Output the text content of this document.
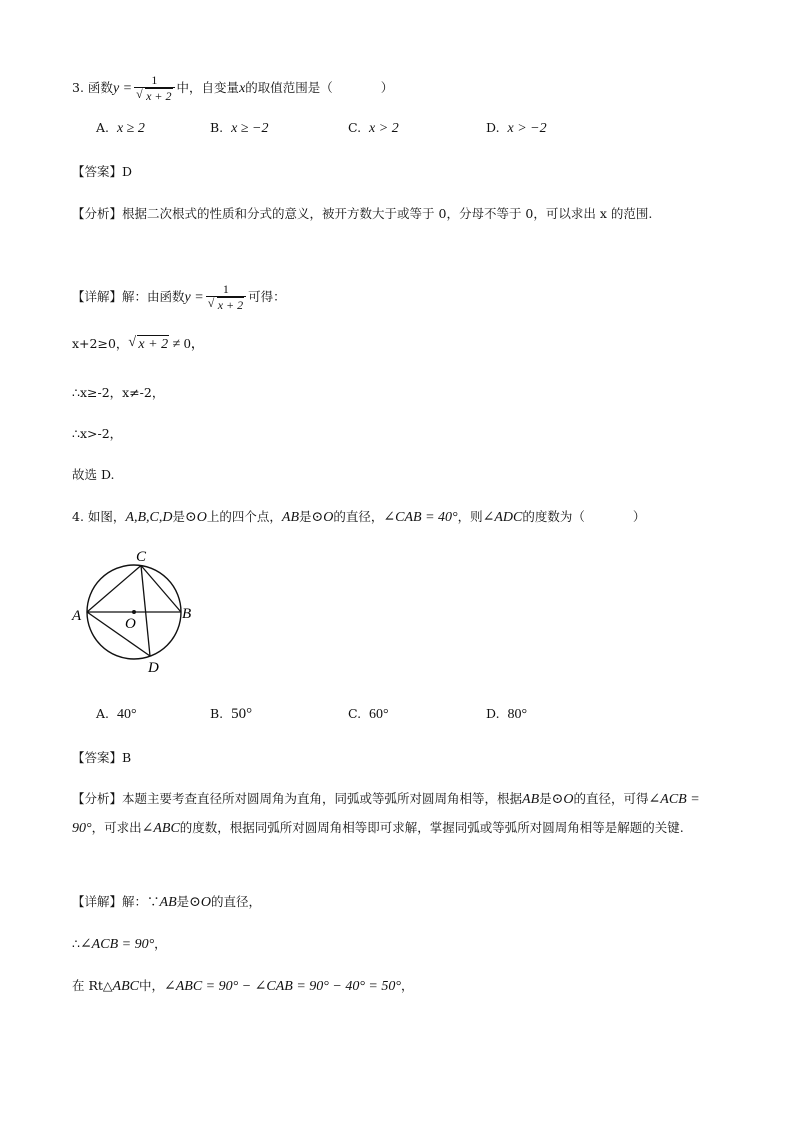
3. 函数y = 1
√ x + 2 中，自变量x的取值范围是（	）
A. x ≥ 2	B. x ≥ −2	C. x > 2	D. x > −2
【答案】D
【分析】根据二次根式的性质和分式的意义，被开方数大于或等于 0，分母不等于 0，可以求出 x 的范围.
【详解】解：由函数y = 1
√ x + 2 可得：
x+2≥0，√ x + 2 ≠ 0，
∴x≥-2，x≠-2，
∴x>-2，
故选 D.
4. 如图，A,B,C,D是⊙O上的四个点，AB是⊙O的直径，∠CAB = 40°，则∠ADC的度数为（	）
C
A	B
O
D
A. 40°	B. 50°	C. 60°	D. 80°
【答案】B
【分析】本题主要考查直径所对圆周角为直角，同弧或等弧所对圆周角相等，根据AB是⊙O的直径，可得∠ACB = 90°，可求出∠ABC的度数，根据同弧所对圆周角相等即可求解，掌握同弧或等弧所对圆周角相等是解题的关键.
【详解】解：∵AB是⊙O的直径，
∴∠ACB = 90°，
在 Rt△ABC中，∠ABC = 90° − ∠CAB = 90° − 40° = 50°，
